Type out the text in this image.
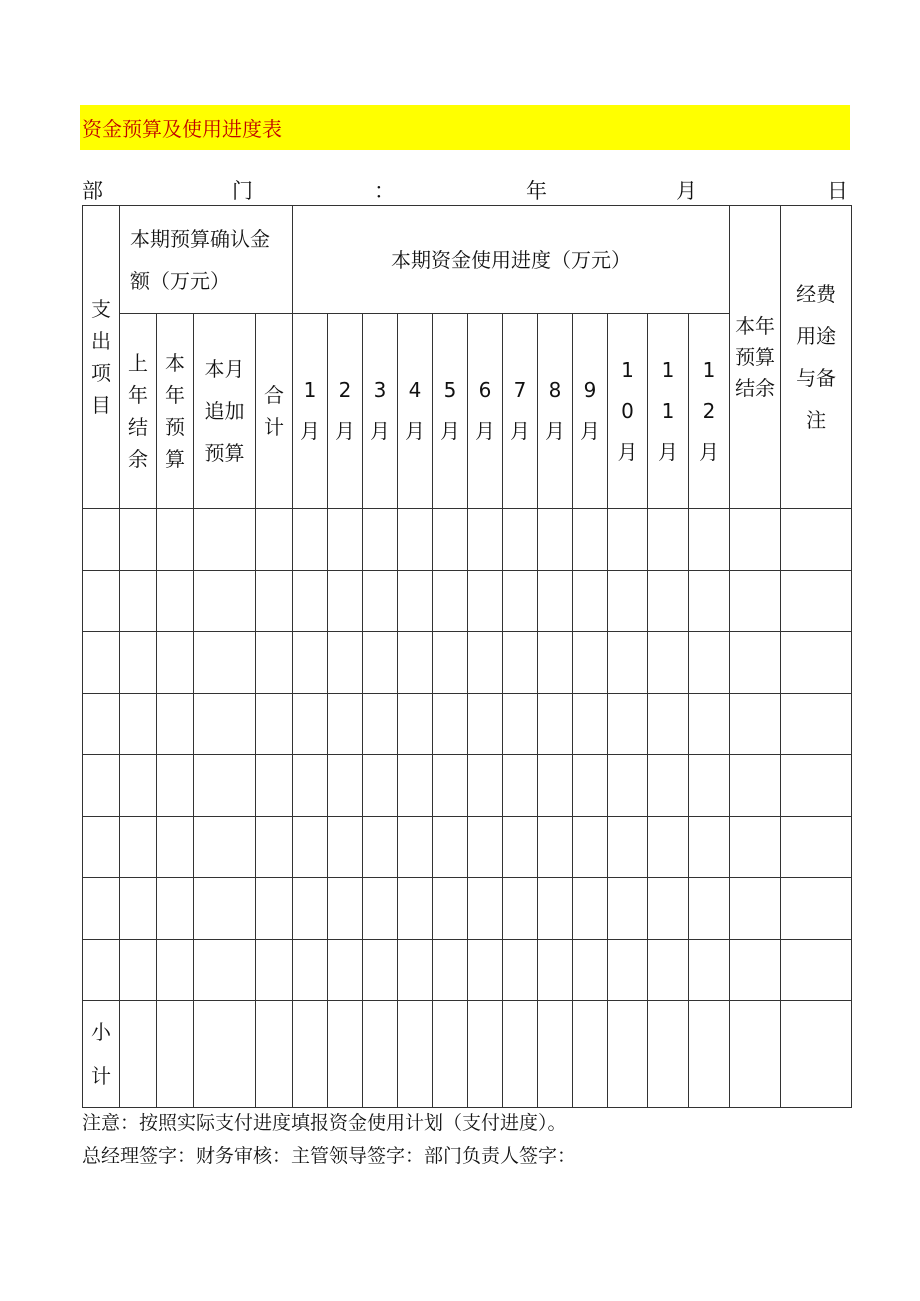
资金预算及使用进度表
部	门	：	年	月	日
支出项目	本期预算确认金额（万元）				本期资金使用进度（万元）												本年预算结余	经费用途与备注
	上年结余	本年预算	本月追加预算	合计	1月	2月	3月	4月	5月	6月	7月	8月	9月	10月	11月	12月		

小计																		
注意：按照实际支付进度填报资金使用计划（支付进度）。
总经理签字：财务审核：主管领导签字：部门负责人签字：
